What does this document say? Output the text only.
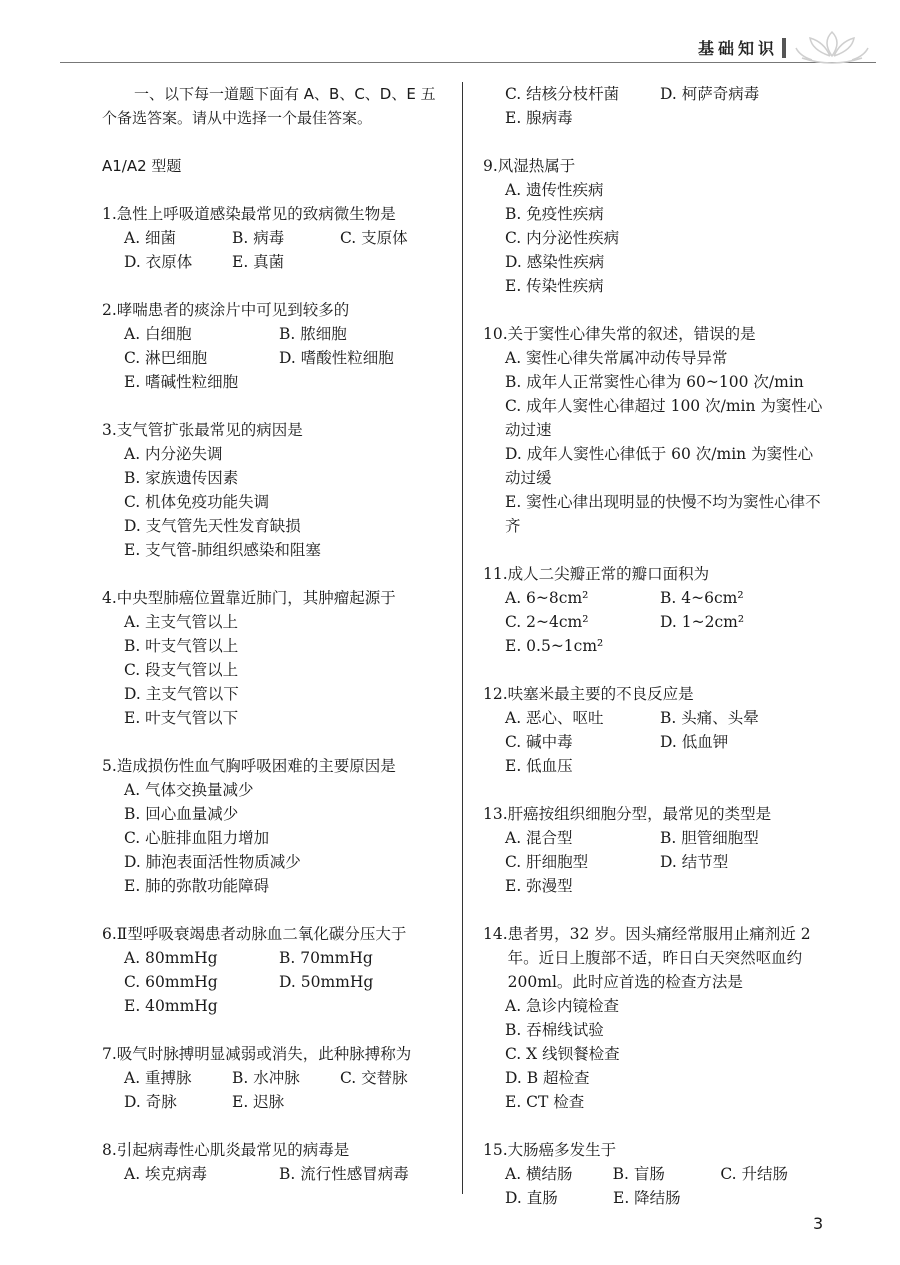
基础知识

一、以下每一道题下面有 A、B、C、D、E 五

个备选答案。请从中选择一个最佳答案。

A1/A2 型题
1. 急性上呼吸道感染最常见的致病微生物是
A. 细菌	B. 病毒	C. 支原体
D. 衣原体	E. 真菌
2. 哮喘患者的痰涂片中可见到较多的
A. 白细胞	B. 脓细胞
C. 淋巴细胞	D. 嗜酸性粒细胞
E. 嗜碱性粒细胞
3. 支气管扩张最常见的病因是
A. 内分泌失调
B. 家族遗传因素
C. 机体免疫功能失调
D. 支气管先天性发育缺损
E. 支气管-肺组织感染和阻塞
4. 中央型肺癌位置靠近肺门，其肿瘤起源于
A. 主支气管以上
B. 叶支气管以上
C. 段支气管以上
D. 主支气管以下
E. 叶支气管以下
5. 造成损伤性血气胸呼吸困难的主要原因是
A. 气体交换量减少
B. 回心血量减少
C. 心脏排血阻力增加
D. 肺泡表面活性物质减少
E. 肺的弥散功能障碍
6. Ⅱ型呼吸衰竭患者动脉血二氧化碳分压大于
A. 80mmHg	B. 70mmHg
C. 60mmHg	D. 50mmHg
E. 40mmHg
7. 吸气时脉搏明显减弱或消失，此种脉搏称为
A. 重搏脉	B. 水冲脉	C. 交替脉
D. 奇脉	E. 迟脉
8. 引起病毒性心肌炎最常见的病毒是
A. 埃克病毒	B. 流行性感冒病毒
C. 结核分枝杆菌	D. 柯萨奇病毒
E. 腺病毒
9. 风湿热属于
A. 遗传性疾病
B. 免疫性疾病
C. 内分泌性疾病
D. 感染性疾病
E. 传染性疾病
10. 关于窦性心律失常的叙述，错误的是
A. 窦性心律失常属冲动传导异常
B. 成年人正常窦性心律为 60~100 次/min
C. 成年人窦性心律超过 100 次/min 为窦性心动过速
D. 成年人窦性心律低于 60 次/min 为窦性心动过缓
E. 窦性心律出现明显的快慢不均为窦性心律不齐
11. 成人二尖瓣正常的瓣口面积为
A. 6~8cm²	B. 4~6cm²
C. 2~4cm²	D. 1~2cm²
E. 0.5~1cm²
12. 呋塞米最主要的不良反应是
A. 恶心、呕吐	B. 头痛、头晕
C. 碱中毒	D. 低血钾
E. 低血压
13. 肝癌按组织细胞分型，最常见的类型是
A. 混合型	B. 胆管细胞型
C. 肝细胞型	D. 结节型
E. 弥漫型
14. 患者男，32 岁。因头痛经常服用止痛剂近 2 年。近日上腹部不适，昨日白天突然呕血约 200ml。此时应首选的检查方法是
A. 急诊内镜检查
B. 吞棉线试验
C. X 线钡餐检查
D. B 超检查
E. CT 检查
15. 大肠癌多发生于
A. 横结肠	B. 盲肠	C. 升结肠
D. 直肠	E. 降结肠
3
